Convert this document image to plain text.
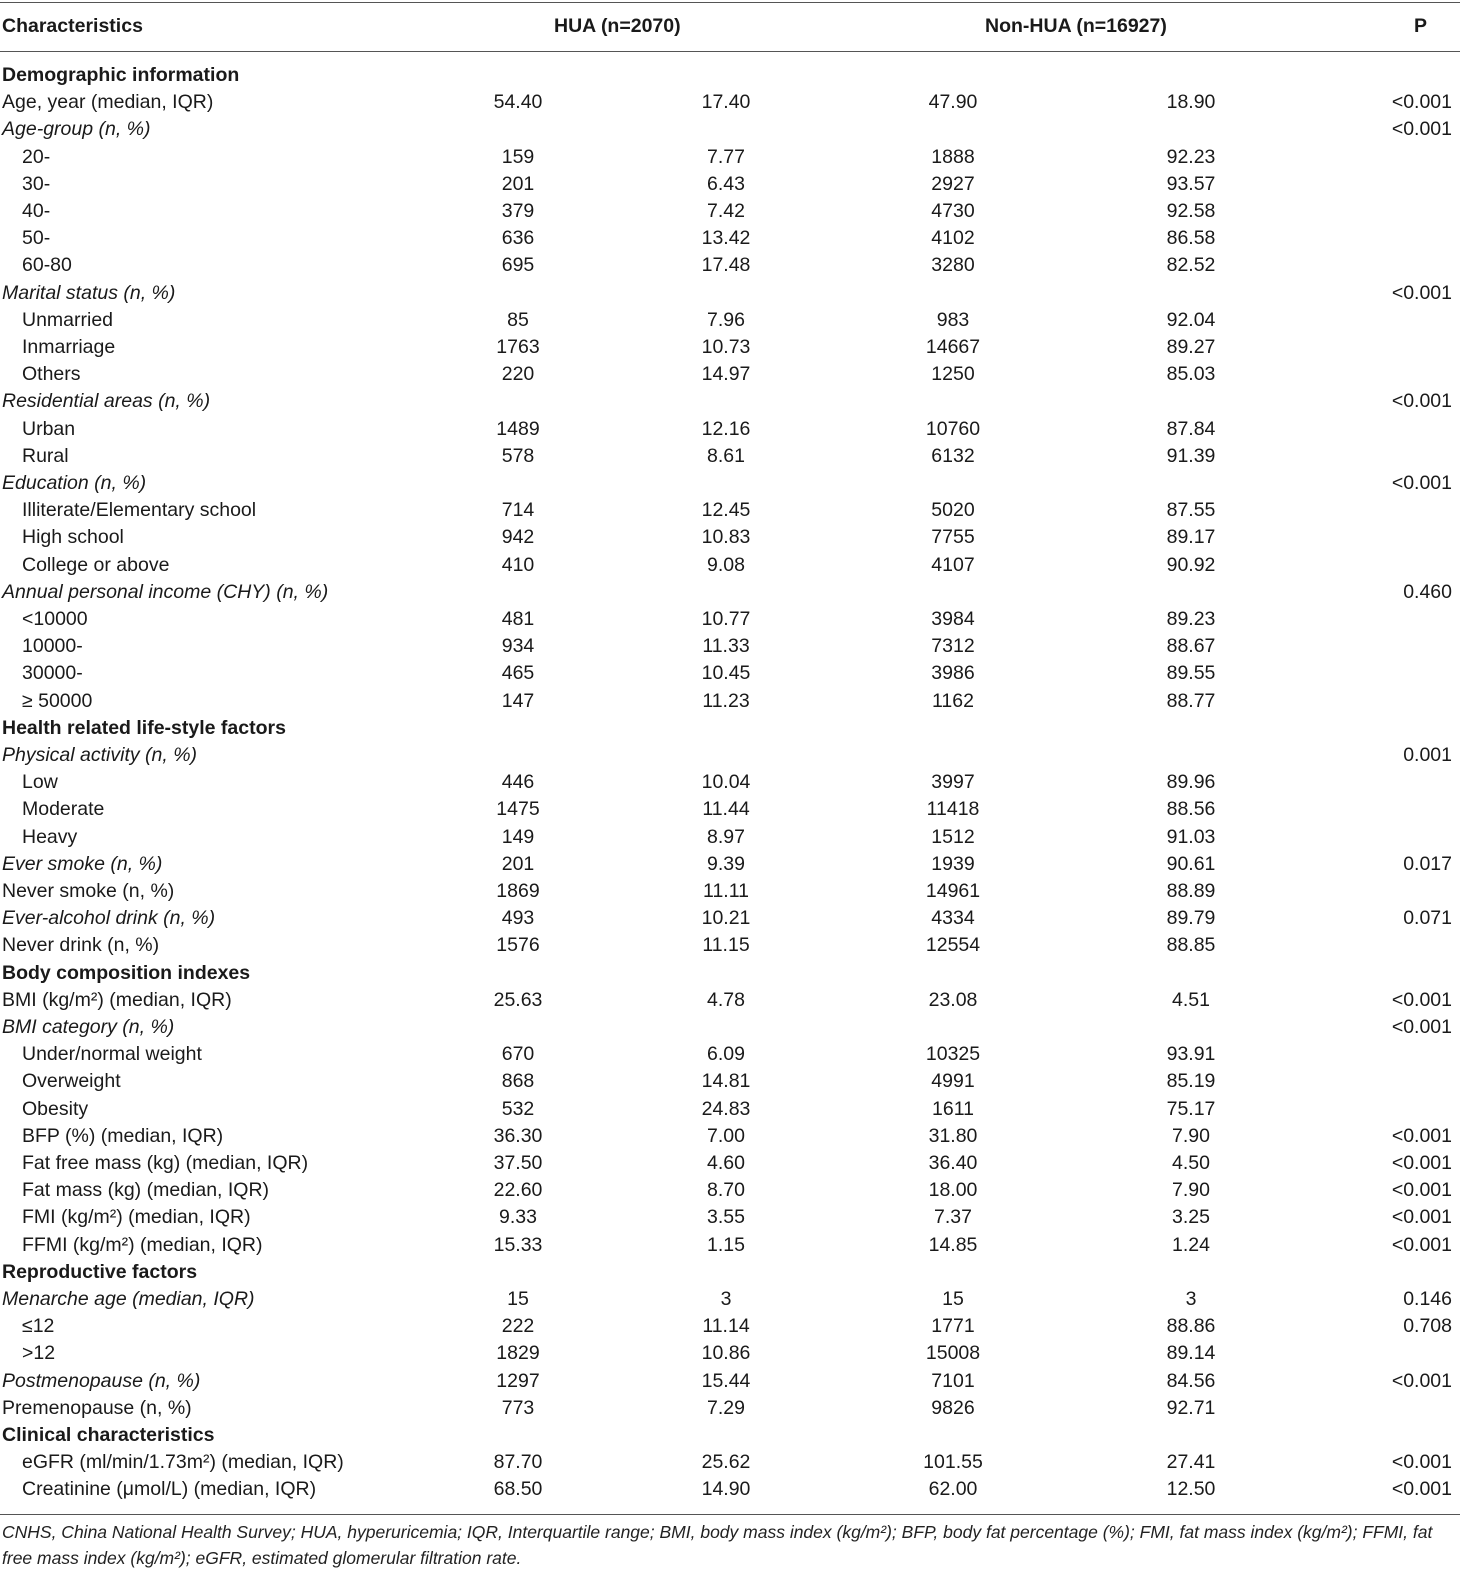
Characteristics	HUA (n=2070)	Non-HUA (n=16927)	P
Demographic information
Age, year (median, IQR)	54.40	17.40	47.90	18.90	<0.001
Age-group (n, %)	<0.001
20-	159	7.77	1888	92.23
30-	201	6.43	2927	93.57
40-	379	7.42	4730	92.58
50-	636	13.42	4102	86.58
60-80	695	17.48	3280	82.52
Marital status (n, %)	<0.001
Unmarried	85	7.96	983	92.04
Inmarriage	1763	10.73	14667	89.27
Others	220	14.97	1250	85.03
Residential areas (n, %)	<0.001
Urban	1489	12.16	10760	87.84
Rural	578	8.61	6132	91.39
Education (n, %)	<0.001
Illiterate/Elementary school	714	12.45	5020	87.55
High school	942	10.83	7755	89.17
College or above	410	9.08	4107	90.92
Annual personal income (CHY) (n, %)	0.460
<10000	481	10.77	3984	89.23
10000-	934	11.33	7312	88.67
30000-	465	10.45	3986	89.55
≥ 50000	147	11.23	1162	88.77
Health related life-style factors
Physical activity (n, %)	0.001
Low	446	10.04	3997	89.96
Moderate	1475	11.44	11418	88.56
Heavy	149	8.97	1512	91.03
Ever smoke (n, %)	201	9.39	1939	90.61	0.017
Never smoke (n, %)	1869	11.11	14961	88.89
Ever-alcohol drink (n, %)	493	10.21	4334	89.79	0.071
Never drink (n, %)	1576	11.15	12554	88.85
Body composition indexes
BMI (kg/m²) (median, IQR)	25.63	4.78	23.08	4.51	<0.001
BMI category (n, %)	<0.001
Under/normal weight	670	6.09	10325	93.91
Overweight	868	14.81	4991	85.19
Obesity	532	24.83	1611	75.17
BFP (%) (median, IQR)	36.30	7.00	31.80	7.90	<0.001
Fat free mass (kg) (median, IQR)	37.50	4.60	36.40	4.50	<0.001
Fat mass (kg) (median, IQR)	22.60	8.70	18.00	7.90	<0.001
FMI (kg/m²) (median, IQR)	9.33	3.55	7.37	3.25	<0.001
FFMI (kg/m²) (median, IQR)	15.33	1.15	14.85	1.24	<0.001
Reproductive factors
Menarche age (median, IQR)	15	3	15	3	0.146
≤12	222	11.14	1771	88.86	0.708
>12	1829	10.86	15008	89.14
Postmenopause (n, %)	1297	15.44	7101	84.56	<0.001
Premenopause (n, %)	773	7.29	9826	92.71
Clinical characteristics
eGFR (ml/min/1.73m²) (median, IQR)	87.70	25.62	101.55	27.41	<0.001
Creatinine (μmol/L) (median, IQR)	68.50	14.90	62.00	12.50	<0.001
CNHS, China National Health Survey; HUA, hyperuricemia; IQR, Interquartile range; BMI, body mass index (kg/m²); BFP, body fat percentage (%); FMI, fat mass index (kg/m²); FFMI, fat free mass index (kg/m²); eGFR, estimated glomerular filtration rate.
